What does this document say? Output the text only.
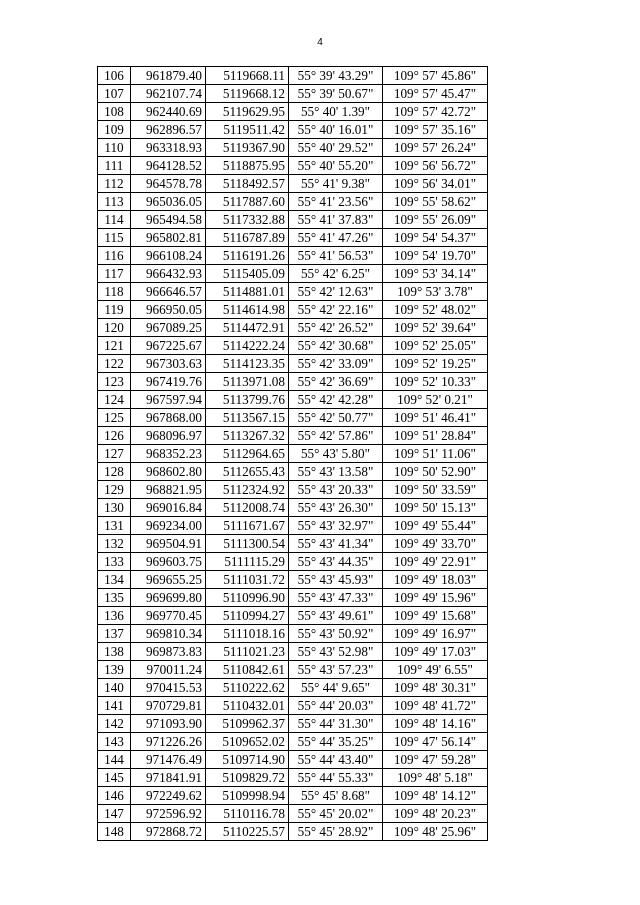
4
106	961879.40	5119668.11	55° 39' 43.29"	109° 57' 45.86"
107	962107.74	5119668.12	55° 39' 50.67"	109° 57' 45.47"
108	962440.69	5119629.95	55° 40' 1.39"	109° 57' 42.72"
109	962896.57	5119511.42	55° 40' 16.01"	109° 57' 35.16"
110	963318.93	5119367.90	55° 40' 29.52"	109° 57' 26.24"
111	964128.52	5118875.95	55° 40' 55.20"	109° 56' 56.72"
112	964578.78	5118492.57	55° 41' 9.38"	109° 56' 34.01"
113	965036.05	5117887.60	55° 41' 23.56"	109° 55' 58.62"
114	965494.58	5117332.88	55° 41' 37.83"	109° 55' 26.09"
115	965802.81	5116787.89	55° 41' 47.26"	109° 54' 54.37"
116	966108.24	5116191.26	55° 41' 56.53"	109° 54' 19.70"
117	966432.93	5115405.09	55° 42' 6.25"	109° 53' 34.14"
118	966646.57	5114881.01	55° 42' 12.63"	109° 53' 3.78"
119	966950.05	5114614.98	55° 42' 22.16"	109° 52' 48.02"
120	967089.25	5114472.91	55° 42' 26.52"	109° 52' 39.64"
121	967225.67	5114222.24	55° 42' 30.68"	109° 52' 25.05"
122	967303.63	5114123.35	55° 42' 33.09"	109° 52' 19.25"
123	967419.76	5113971.08	55° 42' 36.69"	109° 52' 10.33"
124	967597.94	5113799.76	55° 42' 42.28"	109° 52' 0.21"
125	967868.00	5113567.15	55° 42' 50.77"	109° 51' 46.41"
126	968096.97	5113267.32	55° 42' 57.86"	109° 51' 28.84"
127	968352.23	5112964.65	55° 43' 5.80"	109° 51' 11.06"
128	968602.80	5112655.43	55° 43' 13.58"	109° 50' 52.90"
129	968821.95	5112324.92	55° 43' 20.33"	109° 50' 33.59"
130	969016.84	5112008.74	55° 43' 26.30"	109° 50' 15.13"
131	969234.00	5111671.67	55° 43' 32.97"	109° 49' 55.44"
132	969504.91	5111300.54	55° 43' 41.34"	109° 49' 33.70"
133	969603.75	5111115.29	55° 43' 44.35"	109° 49' 22.91"
134	969655.25	5111031.72	55° 43' 45.93"	109° 49' 18.03"
135	969699.80	5110996.90	55° 43' 47.33"	109° 49' 15.96"
136	969770.45	5110994.27	55° 43' 49.61"	109° 49' 15.68"
137	969810.34	5111018.16	55° 43' 50.92"	109° 49' 16.97"
138	969873.83	5111021.23	55° 43' 52.98"	109° 49' 17.03"
139	970011.24	5110842.61	55° 43' 57.23"	109° 49' 6.55"
140	970415.53	5110222.62	55° 44' 9.65"	109° 48' 30.31"
141	970729.81	5110432.01	55° 44' 20.03"	109° 48' 41.72"
142	971093.90	5109962.37	55° 44' 31.30"	109° 48' 14.16"
143	971226.26	5109652.02	55° 44' 35.25"	109° 47' 56.14"
144	971476.49	5109714.90	55° 44' 43.40"	109° 47' 59.28"
145	971841.91	5109829.72	55° 44' 55.33"	109° 48' 5.18"
146	972249.62	5109998.94	55° 45' 8.68"	109° 48' 14.12"
147	972596.92	5110116.78	55° 45' 20.02"	109° 48' 20.23"
148	972868.72	5110225.57	55° 45' 28.92"	109° 48' 25.96"
